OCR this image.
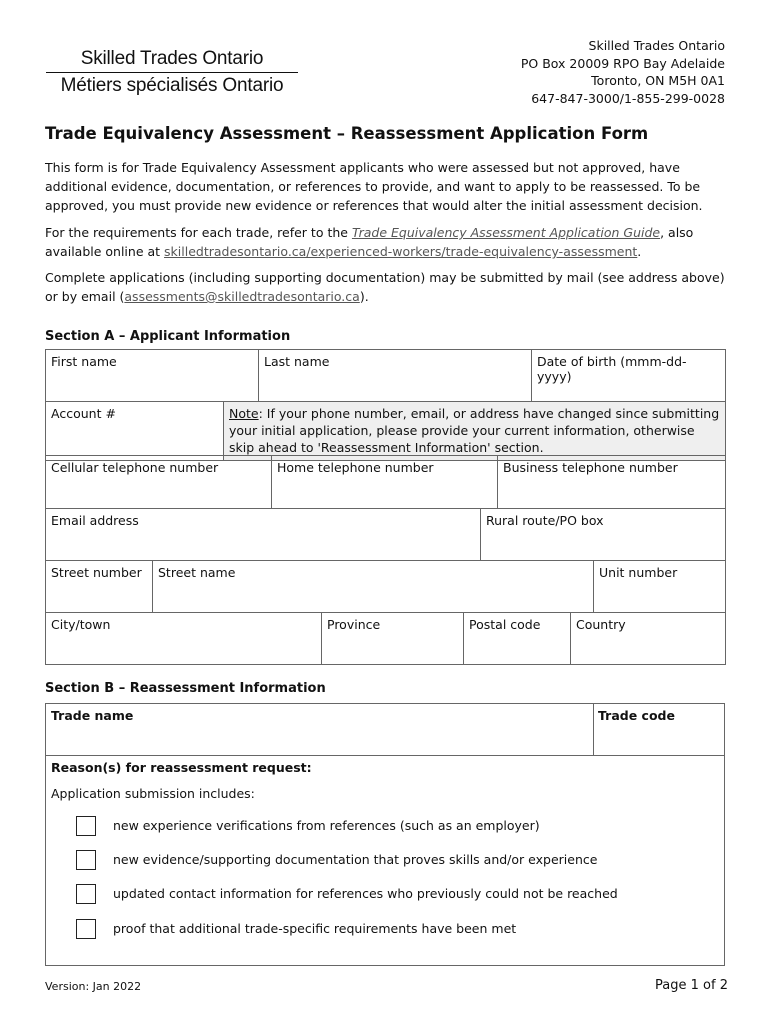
Skilled Trades Ontario
Métiers spécialisés Ontario
Skilled Trades Ontario
PO Box 20009 RPO Bay Adelaide
Toronto, ON M5H 0A1
647-847-3000/1-855-299-0028
Trade Equivalency Assessment – Reassessment Application Form
This form is for Trade Equivalency Assessment applicants who were assessed but not approved, have additional evidence, documentation, or references to provide, and want to apply to be reassessed. To be approved, you must provide new evidence or references that would alter the initial assessment decision.
For the requirements for each trade, refer to the Trade Equivalency Assessment Application Guide, also available online at skilledtradesontario.ca/experienced-workers/trade-equivalency-assessment.
Complete applications (including supporting documentation) may be submitted by mail (see address above) or by email (assessments@skilledtradesontario.ca).
Section A – Applicant Information
First name	Last name	Date of birth (mmm-dd-yyyy)
Account #	Note: If your phone number, email, or address have changed since submitting your initial application, please provide your current information, otherwise skip ahead to 'Reassessment Information' section.
Cellular telephone number	Home telephone number	Business telephone number
Email address	Rural route/PO box
Street number	Street name	Unit number
City/town	Province	Postal code	Country
Section B – Reassessment Information
Trade name	Trade code
Reason(s) for reassessment request:
Application submission includes:
new experience verifications from references (such as an employer)
new evidence/supporting documentation that proves skills and/or experience
updated contact information for references who previously could not be reached
proof that additional trade-specific requirements have been met
Version: Jan 2022	Page 1 of 2
